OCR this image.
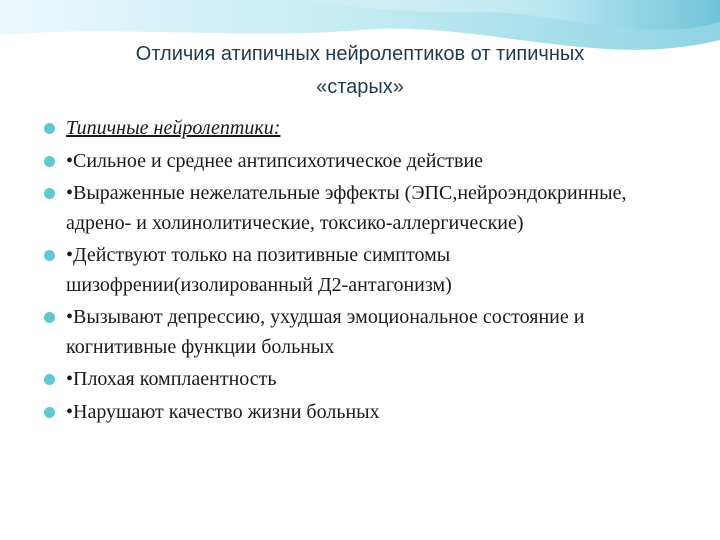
Отличия атипичных нейролептиков от типичных
«старых»
Типичные нейролептики:
•Сильное и среднее антипсихотическое действие
•Выраженные нежелательные эффекты (ЭПС,нейроэндокринные, адрено- и холинолитические, токсико-аллергические)
•Действуют только на позитивные симптомы шизофрении(изолированный Д2-антагонизм)
•Вызывают депрессию, ухудшая эмоциональное состояние и когнитивные функции больных
•Плохая комплаентность
•Нарушают качество жизни больных
